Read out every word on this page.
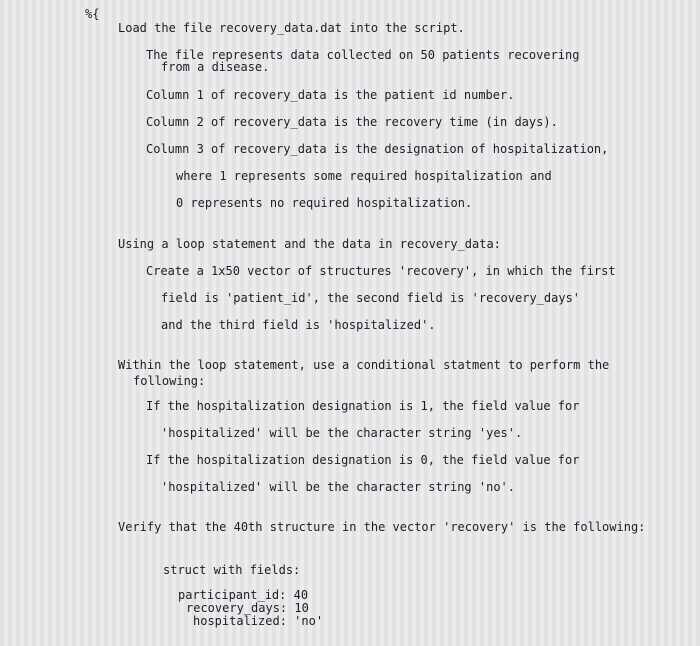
%{
Load the file recovery_data.dat into the script.
The file represents data collected on 50 patients recovering
from a disease.
Column 1 of recovery_data is the patient id number.
Column 2 of recovery_data is the recovery time (in days).
Column 3 of recovery_data is the designation of hospitalization,
where 1 represents some required hospitalization and
0 represents no required hospitalization.
Using a loop statement and the data in recovery_data:
Create a 1x50 vector of structures 'recovery', in which the first
field is 'patient_id', the second field is 'recovery_days'
and the third field is 'hospitalized'.
Within the loop statement, use a conditional statment to perform the
following:
If the hospitalization designation is 1, the field value for
'hospitalized' will be the character string 'yes'.
If the hospitalization designation is 0, the field value for
'hospitalized' will be the character string 'no'.
Verify that the 40th structure in the vector 'recovery' is the following:
struct with fields:
participant_id: 40
recovery_days: 10
hospitalized: 'no'
